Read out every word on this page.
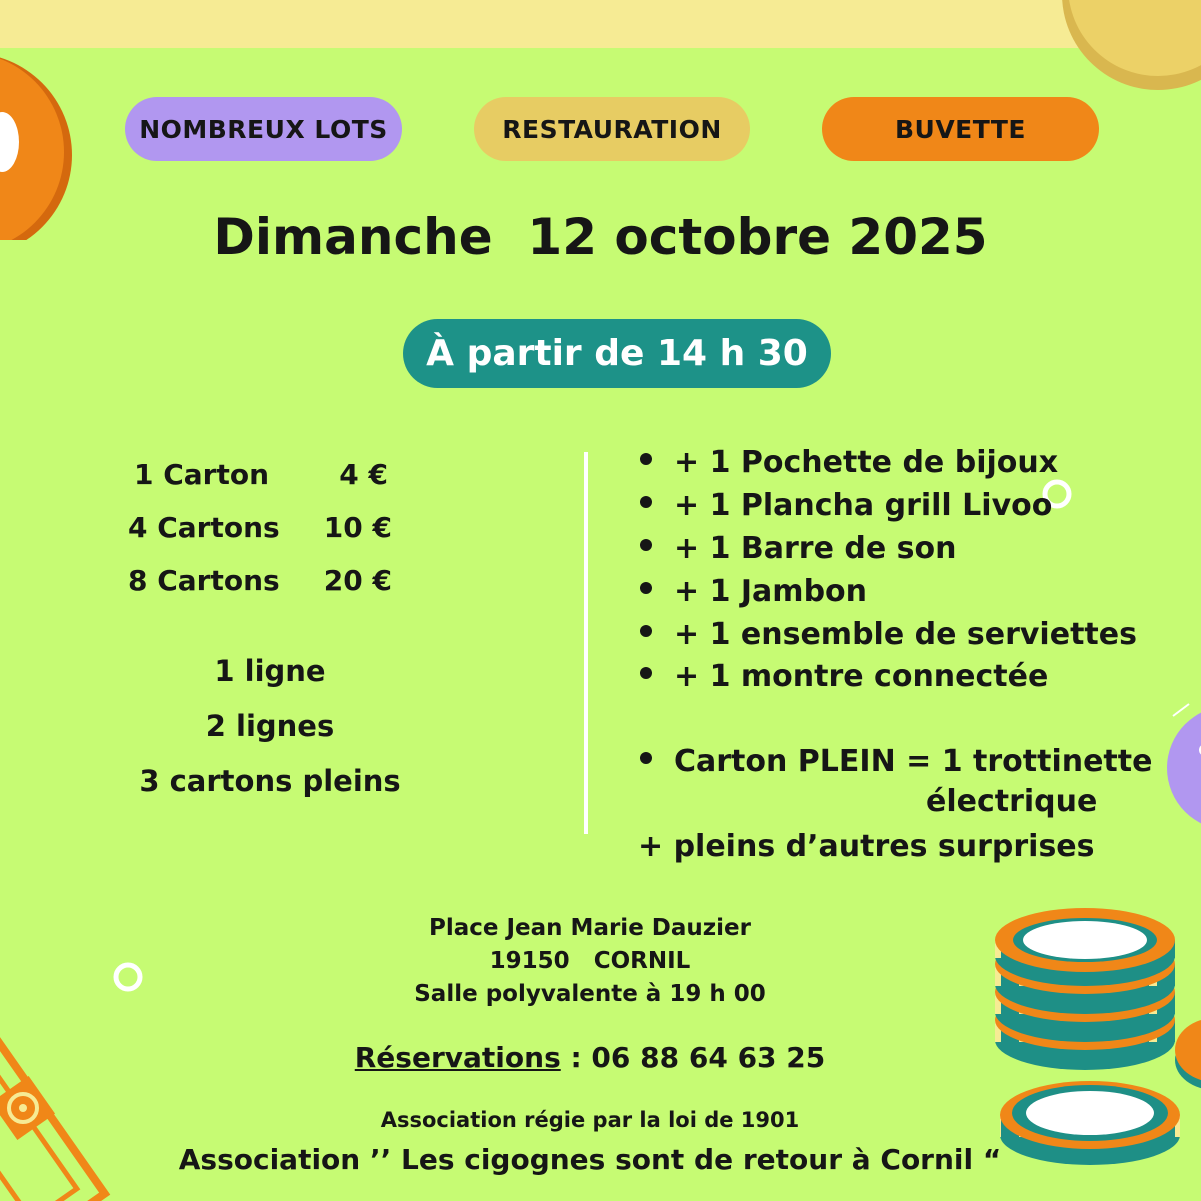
NOMBREUX LOTS	RESTAURATION	BUVETTE
Dimanche  12 octobre 2025
À partir de 14 h 30
1 Carton	4 €
4 Cartons	10 €
8 Cartons	20 €
1 ligne
2 lignes
3 cartons pleins
+ 1 Pochette de bijoux
+ 1 Plancha grill Livoo
+ 1 Barre de son
+ 1 Jambon
+ 1 ensemble de serviettes
+ 1 montre connectée
Carton PLEIN = 1 trottinette
électrique
+ pleins d’autres surprises
Place Jean Marie Dauzier
19150   CORNIL
Salle polyvalente à 19 h 00
Réservations : 06 88 64 63 25
Association régie par la loi de 1901
Association ’’ Les cigognes sont de retour à Cornil “
